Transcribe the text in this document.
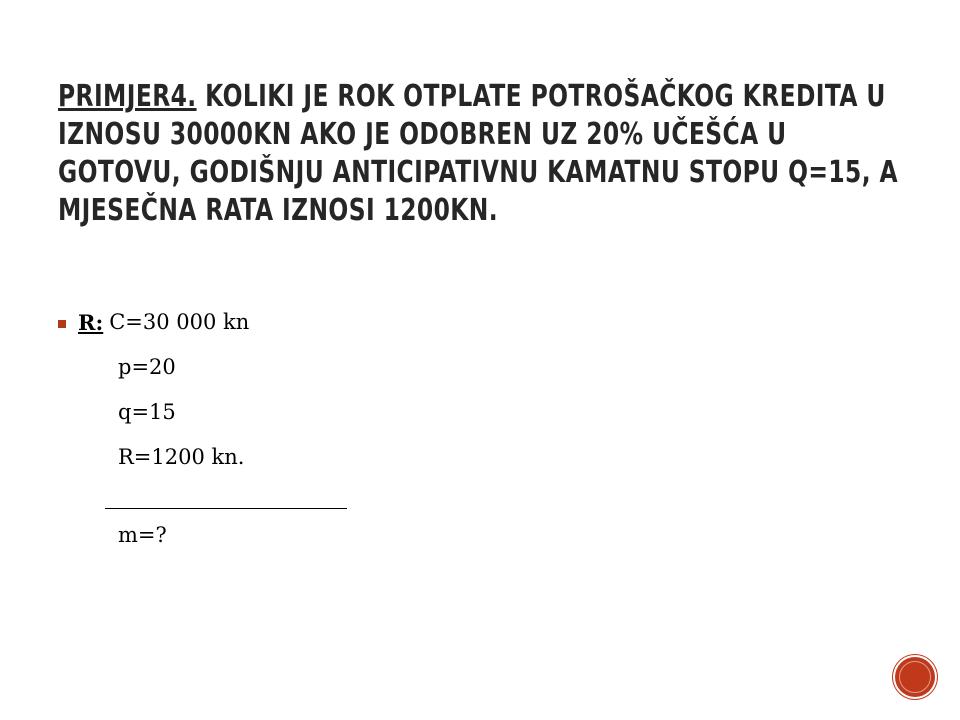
PRIMJER4. KOLIKI JE ROK OTPLATE POTROŠAČKOG KREDITA U IZNOSU 30000KN AKO JE ODOBREN UZ 20% UČEŠĆA U GOTOVU, GODIŠNJU ANTICIPATIVNU KAMATNU STOPU Q=15, A MJESEČNA RATA IZNOSI 1200KN.
R: C=30 000 kn
p=20
q=15
R=1200 kn.
m=?
